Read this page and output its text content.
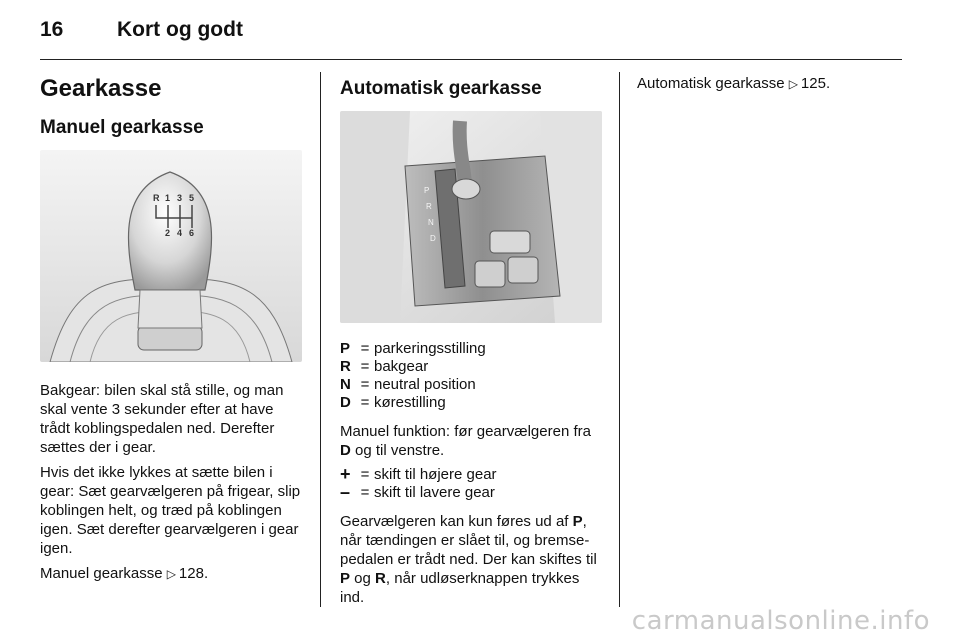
16	Kort og godt
Gearkasse
Manuel gearkasse
R 1 3 5
2 4 6

Bakgear: bilen skal stå stille, og man skal vente 3 sekunder efter at have trådt koblingspedalen ned. Derefter sættes der i gear.

Hvis det ikke lykkes at sætte bilen i gear: Sæt gearvælgeren på frigear, slip koblingen helt, og træd på koblingen igen. Sæt derefter gearvælgeren i gear igen.

Manuel gearkasse ▷ 128.
Automatisk gearkasse
P
R
N
D
P = parkeringsstilling
R = bakgear
N = neutral position
D = kørestilling

Manuel funktion: før gearvælgeren fra D og til venstre.

+ = skift til højere gear
– = skift til lavere gear

Gearvælgeren kan kun føres ud af P, når tændingen er slået til, og bremsepedalen er trådt ned. Der kan skiftes til P og R, når udløserknappen trykkes ind.

Automatisk gearkasse ▷ 125.
carmanualsonline.info
